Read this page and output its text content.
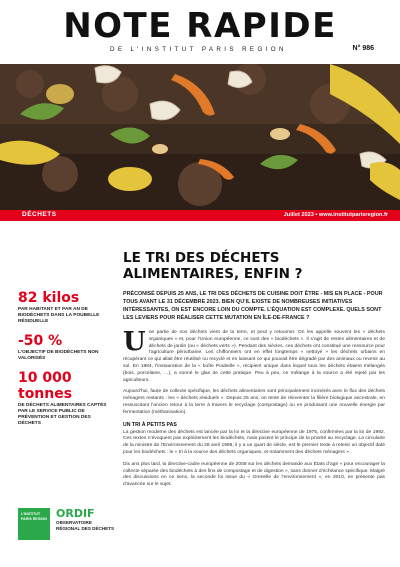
NOTE RAPIDE
DE L’INSTITUT PARIS REGION	N° 986
DÉCHETS	Juillet 2023 • www.institutparisregion.fr
82 kilos
PAR HABITANT ET PAR AN DE BIODÉCHETS DANS LA POUBELLE RÉSIDUELLE
-50 %
L’OBJECTIF DE BIODÉCHETS NON VALORISÉS
10 000 tonnes
DE DÉCHETS ALIMENTAIRES CAPTÉS PAR LE SERVICE PUBLIC DE PRÉVENTION ET GESTION DES DÉCHETS
L’INSTITUT PARIS REGION ORDIF
OBSERVATOIRE
RÉGIONAL DES DÉCHETS
LE TRI DES DÉCHETS ALIMENTAIRES, ENFIN ?

PRÉCONISÉ DEPUIS 25 ANS, LE TRI DES DÉCHETS DE CUISINE DOIT ÊTRE - MIS EN PLACE - POUR TOUS AVANT LE 31 DÉCEMBRE 2023. BIEN QU’IL EXISTE DE NOMBREUSES INITIATIVES INTÉRESSANTES, ON EST ENCORE LOIN DU COMPTE. L’ÉQUATION EST COMPLEXE. QUELS SONT LES LEVIERS POUR RÉALISER CETTE MUTATION EN ÎLE-DE-FRANCE ?

Une partie de nos déchets vient de la terre, et peut y retourner. On les appelle souvent les « déchets organiques » et, pour l’Union européenne, ce sont des « biodéchets ». Il s’agit de restes alimentaires et de déchets de jardin (ou « déchets verts »). Pendant des siècles, ces déchets ont constitué une ressource pour l’agriculture périurbaine. Les chiffonniers ont en effet longtemps « nettoyé » les déchets urbains en récupérant ce qui allait être réutilisé ou recyclé et en laissant ce qui pouvait être dégradé par des animaux ou revenir au sol. En 1884, l’instauration de la « boîte Poubelle », récipient unique dans lequel tous les déchets étaient mélangés (bois, porcelaine, …), a sonné le glas de cette pratique. Peu à peu, ce mélange à la source a été rejeté par les agriculteurs.

Aujourd’hui, faute de collecte spécifique, les déchets alimentaires sont principalement incinérés avec le flux des déchets ménagers restants : les « déchets résiduels ». Depuis 25 ans, on tente de réinventer la filière biologique ancestrale, en ressuscitant l’ancien retour à la terre à travers le recyclage (compostage) ou en produisant une nouvelle énergie par fermentation (méthanisation).

UN TRI À PETITS PAS

La gestion moderne des déchets est lancée par la loi et la directive européenne de 1975, confirmées par la loi de 1992. Ces textes n’évoquent pas explicitement les biodéchets, mais posent le principe de la priorité au recyclage. La circulaire de la ministre de l’Environnement du 28 avril 1998, il y a un quart de siècle, est le premier texte à retenir un objectif daté pour les biodéchets : le « tri à la source des déchets organiques, et notamment des déchets ménagers ».

Dix ans plus tard, la directive-cadre européenne de 2008 sur les déchets demande aux États d’agir « pour encourager la collecte séparée des biodéchets à des fins de compostage et de digestion », sans donner d’échéance spécifique. Malgré des discussions en ce sens, la seconde loi issue du « Grenelle de l’environnement », en 2010, ne présente pas d’avancée sur le sujet.
